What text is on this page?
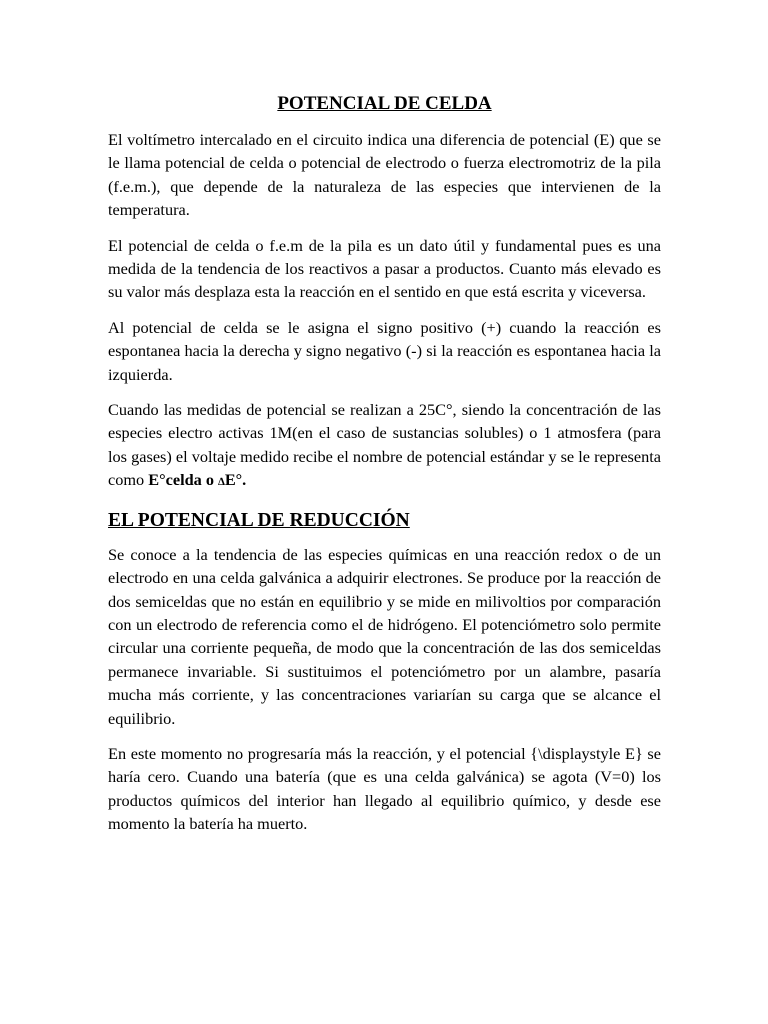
POTENCIAL DE CELDA

El voltímetro intercalado en el circuito indica una diferencia de potencial (E) que se le llama potencial de celda o potencial de electrodo o fuerza electromotriz de la pila (f.e.m.), que depende de la naturaleza de las especies que intervienen de la temperatura.

El potencial de celda o f.e.m de la pila es un dato útil y fundamental pues es una medida de la tendencia de los reactivos a pasar a productos. Cuanto más elevado es su valor más desplaza esta la reacción en el sentido en que está escrita y viceversa.

Al potencial de celda se le asigna el signo positivo (+) cuando la reacción es espontanea hacia la derecha y signo negativo (-) si la reacción es espontanea hacia la izquierda.

Cuando las medidas de potencial se realizan a 25C°, siendo la concentración de las especies electro activas 1M(en el caso de sustancias solubles) o 1 atmosfera (para los gases) el voltaje medido recibe el nombre de potencial estándar y se le representa como E°celda o ∆E°.

EL POTENCIAL DE REDUCCIÓN

Se conoce a la tendencia de las especies químicas en una reacción redox o de un electrodo en una celda galvánica a adquirir electrones. Se produce por la reacción de dos semiceldas que no están en equilibrio y se mide en milivoltios por comparación con un electrodo de referencia como el de hidrógeno. El potenciómetro solo permite circular una corriente pequeña, de modo que la concentración de las dos semiceldas permanece invariable. Si sustituimos el potenciómetro por un alambre, pasaría mucha más corriente, y las concentraciones variarían su carga que se alcance el equilibrio.

En este momento no progresaría más la reacción, y el potencial {\displaystyle E} se haría cero. Cuando una batería (que es una celda galvánica) se agota (V=0) los productos químicos del interior han llegado al equilibrio químico, y desde ese momento la batería ha muerto.
